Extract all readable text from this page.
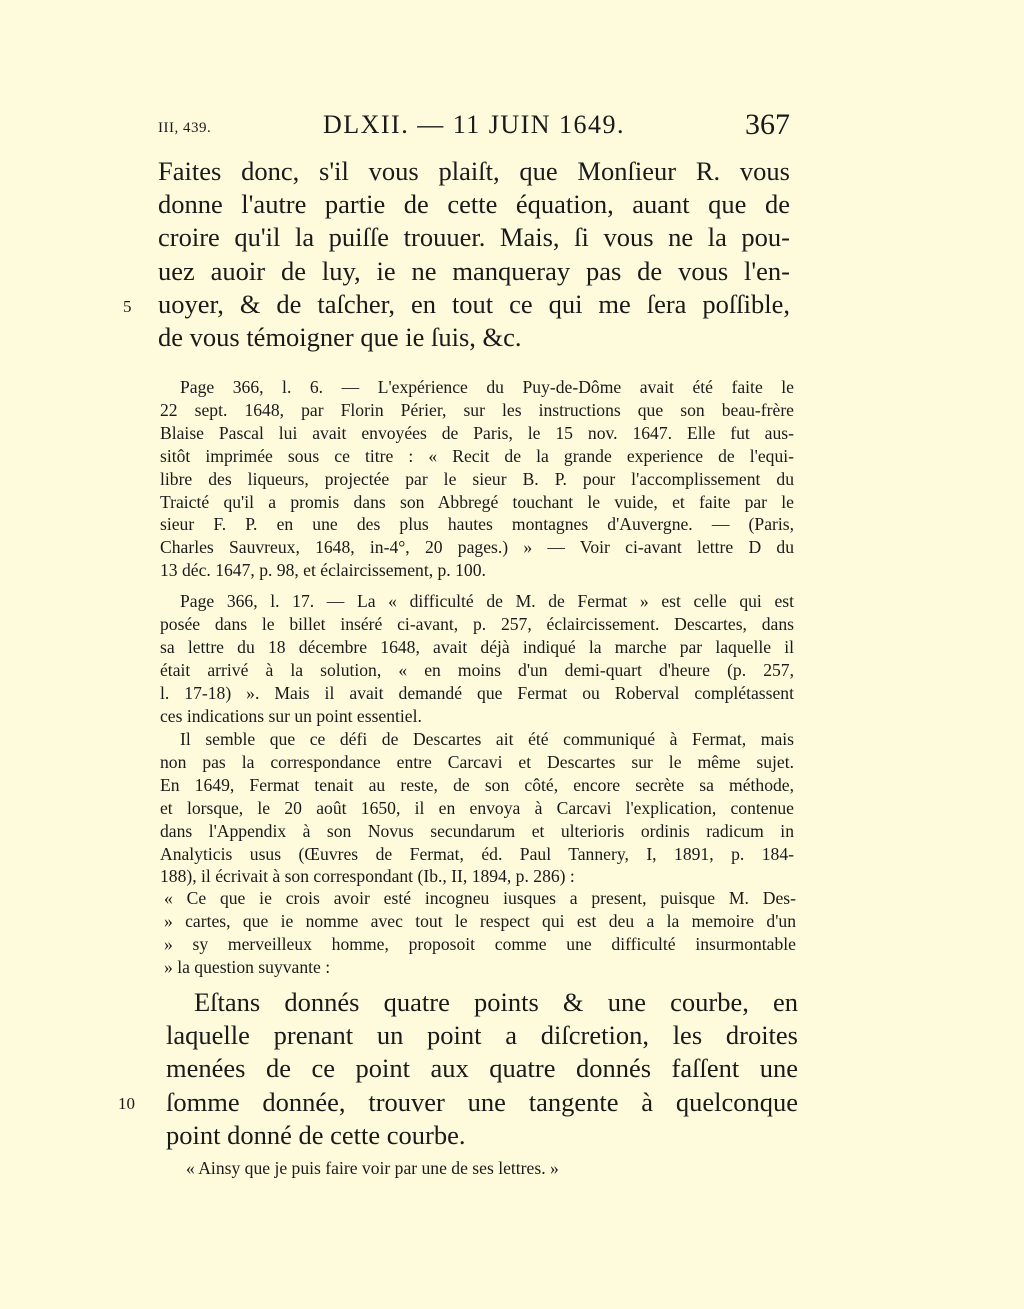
III, 439.	DLXII. — 11 JUIN 1649.	367
Faites donc, s'il vous plaiſt, que Monſieur R. vous
donne l'autre partie de cette équation, auant que de
croire qu'il la puiſſe trouuer. Mais, ſi vous ne la pou-
uez auoir de luy, ie ne manqueray pas de vous l'en-
uoyer, & de taſcher, en tout ce qui me ſera poſſible,
de vous témoigner que ie ſuis, &c.
5
Page 366, l. 6. — L'expérience du Puy-de-Dôme avait été faite le
22 sept. 1648, par Florin Périer, sur les instructions que son beau-frère
Blaise Pascal lui avait envoyées de Paris, le 15 nov. 1647. Elle fut aus-
sitôt imprimée sous ce titre : « Recit de la grande experience de l'equi-
libre des liqueurs, projectée par le sieur B. P. pour l'accomplissement du
Traicté qu'il a promis dans son Abbregé touchant le vuide, et faite par le
sieur F. P. en une des plus hautes montagnes d'Auvergne. — (Paris,
Charles Sauvreux, 1648, in-4°, 20 pages.) » — Voir ci-avant lettre D du
13 déc. 1647, p. 98, et éclaircissement, p. 100.
Page 366, l. 17. — La « difficulté de M. de Fermat » est celle qui est
posée dans le billet inséré ci-avant, p. 257, éclaircissement. Descartes, dans
sa lettre du 18 décembre 1648, avait déjà indiqué la marche par laquelle il
était arrivé à la solution, « en moins d'un demi-quart d'heure (p. 257,
l. 17-18) ». Mais il avait demandé que Fermat ou Roberval complétassent
ces indications sur un point essentiel.
Il semble que ce défi de Descartes ait été communiqué à Fermat, mais
non pas la correspondance entre Carcavi et Descartes sur le même sujet.
En 1649, Fermat tenait au reste, de son côté, encore secrète sa méthode,
et lorsque, le 20 août 1650, il en envoya à Carcavi l'explication, contenue
dans l'Appendix à son Novus secundarum et ulterioris ordinis radicum in
Analyticis usus (Œuvres de Fermat, éd. Paul Tannery, I, 1891, p. 184-
188), il écrivait à son correspondant (Ib., II, 1894, p. 286) :
« Ce que ie crois avoir esté incogneu iusques a present, puisque M. Des-
» cartes, que ie nomme avec tout le respect qui est deu a la memoire d'un
» sy merveilleux homme, proposoit comme une difficulté insurmontable
» la question suyvante :
Eſtans donnés quatre points & une courbe, en
laquelle prenant un point a diſcretion, les droites
menées de ce point aux quatre donnés faſſent une
ſomme donnée, trouver une tangente à quelconque
point donné de cette courbe.
10
« Ainsy que je puis faire voir par une de ses lettres. »
